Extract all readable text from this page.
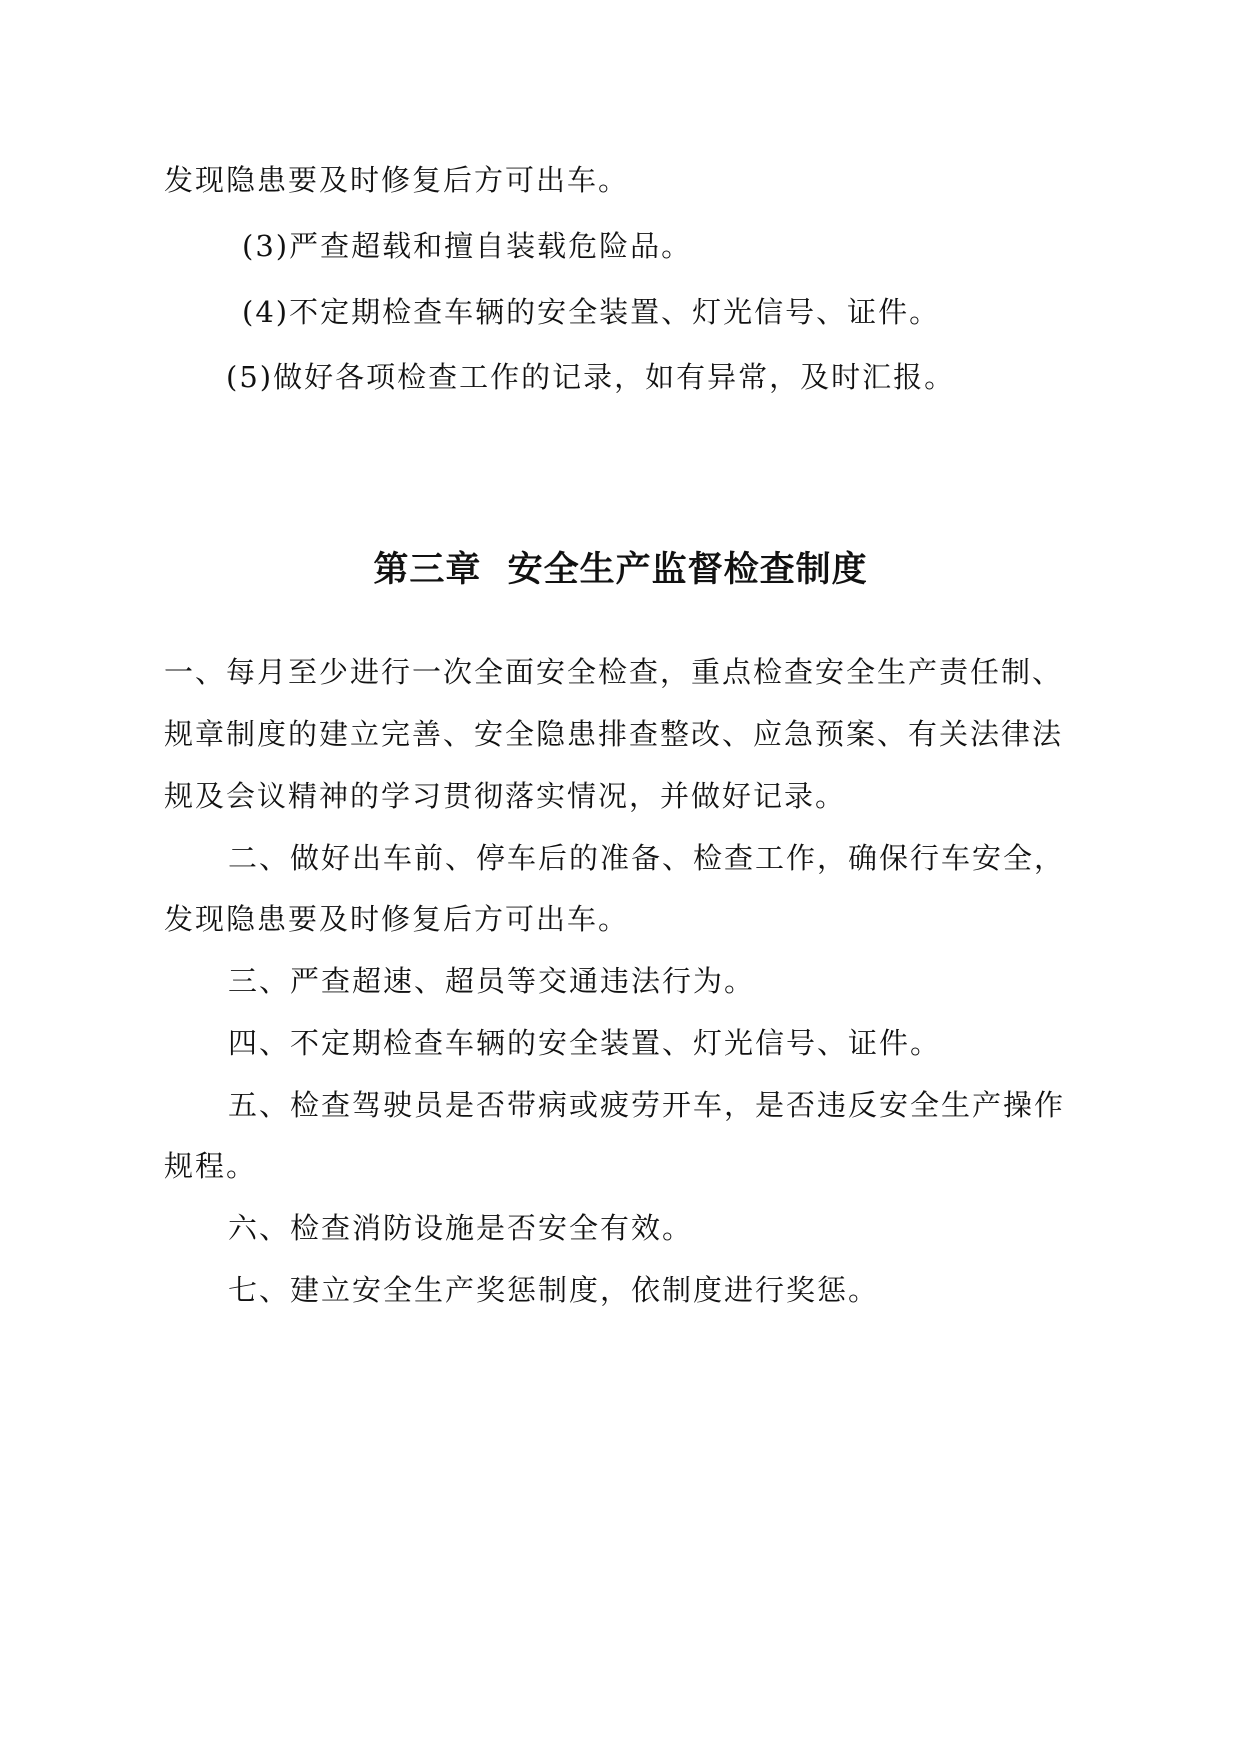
发现隐患要及时修复后方可出车。
(3)严查超载和擅自装载危险品。
(4)不定期检查车辆的安全装置、灯光信号、证件。
(5)做好各项检查工作的记录，如有异常，及时汇报。
第三章  安全生产监督检查制度
一、每月至少进行一次全面安全检查，重点检查安全生产责任制、
规章制度的建立完善、安全隐患排查整改、应急预案、有关法律法
规及会议精神的学习贯彻落实情况，并做好记录。
二、做好出车前、停车后的准备、检查工作，确保行车安全，
发现隐患要及时修复后方可出车。
三、严查超速、超员等交通违法行为。
四、不定期检查车辆的安全装置、灯光信号、证件。
五、检查驾驶员是否带病或疲劳开车，是否违反安全生产操作
规程。
六、检查消防设施是否安全有效。
七、建立安全生产奖惩制度，依制度进行奖惩。
